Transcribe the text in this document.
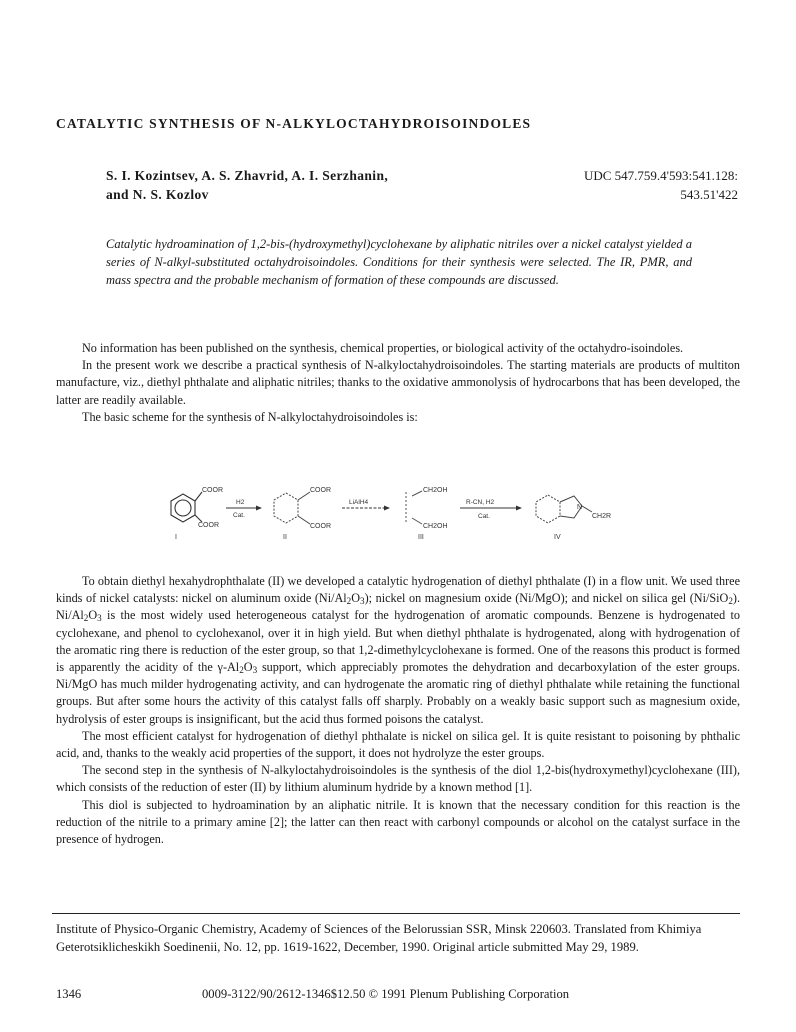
CATALYTIC SYNTHESIS OF N-ALKYLOCTAHYDROISOINDOLES
S. I. Kozintsev, A. S. Zhavrid, A. I. Serzhanin,
and N. S. Kozlov
UDC 547.759.4'593:541.128:
543.51'422
Catalytic hydroamination of 1,2-bis-(hydroxymethyl)cyclohexane by aliphatic nitriles over a nickel catalyst yielded a series of N-alkyl-substituted octahydroisoindoles. Conditions for their synthesis were selected. The IR, PMR, and mass spectra and the probable mechanism of formation of these compounds are discussed.

No information has been published on the synthesis, chemical properties, or biological activity of the octahydro-isoindoles.

In the present work we describe a practical synthesis of N-alkyloctahydroisoindoles. The starting materials are products of multiton manufacture, viz., diethyl phthalate and aliphatic nitriles; thanks to the oxidative ammonolysis of hydrocarbons that has been developed, the latter are readily available.

The basic scheme for the synthesis of N-alkyloctahydroisoindoles is:

COOR
COOR
I
H2
Cat.
COOR
COOR
II
LiAlH4
CH2OH
CH2OH
III
R-CN, H2
Cat.
N
CH2R
IV

To obtain diethyl hexahydrophthalate (II) we developed a catalytic hydrogenation of diethyl phthalate (I) in a flow unit. We used three kinds of nickel catalysts: nickel on aluminum oxide $(Ni/Al_2O_3)$; nickel on magnesium oxide (Ni/MgO); and nickel on silica gel (Ni/SiO$_2$). $Ni/Al_2O_3$ is the most widely used heterogeneous catalyst for the hydrogenation of aromatic compounds. Benzene is hydrogenated to cyclohexane, and phenol to cyclohexanol, over it in high yield. But when diethyl phthalate is hydrogenated, along with hydrogenation of the aromatic ring there is reduction of the ester group, so that 1,2-dimethylcyclohexane is formed. One of the reasons this product is formed is apparently the acidity of the $\gamma-Al_2O_3$ support, which appreciably promotes the dehydration and decarboxylation of the ester groups. Ni/MgO has much milder hydrogenating activity, and can hydrogenate the aromatic ring of diethyl phthalate while retaining the functional groups. But after some hours the activity of this catalyst falls off sharply. Probably on a weakly basic support such as magnesium oxide, hydrolysis of ester groups is insignificant, but the acid thus formed poisons the catalyst.

The most efficient catalyst for hydrogenation of diethyl phthalate is nickel on silica gel. It is quite resistant to poisoning by phthalic acid, and, thanks to the weakly acid properties of the support, it does not hydrolyze the ester groups.

The second step in the synthesis of N-alkyloctahydroisoindoles is the synthesis of the diol 1,2-bis(hydroxymethyl)cyclohexane (III), which consists of the reduction of ester (II) by lithium aluminum hydride by a known method [1].

This diol is subjected to hydroamination by an aliphatic nitrile. It is known that the necessary condition for this reaction is the reduction of the nitrile to a primary amine [2]; the latter can then react with carbonyl compounds or alcohol on the catalyst surface in the presence of hydrogen.

Institute of Physico-Organic Chemistry, Academy of Sciences of the Belorussian SSR, Minsk 220603. Translated from Khimiya Geterotsiklicheskikh Soedinenii, No. 12, pp. 1619-1622, December, 1990. Original article submitted May 29, 1989.
1346	0009-3122/90/2612-1346$12.50 © 1991 Plenum Publishing Corporation
